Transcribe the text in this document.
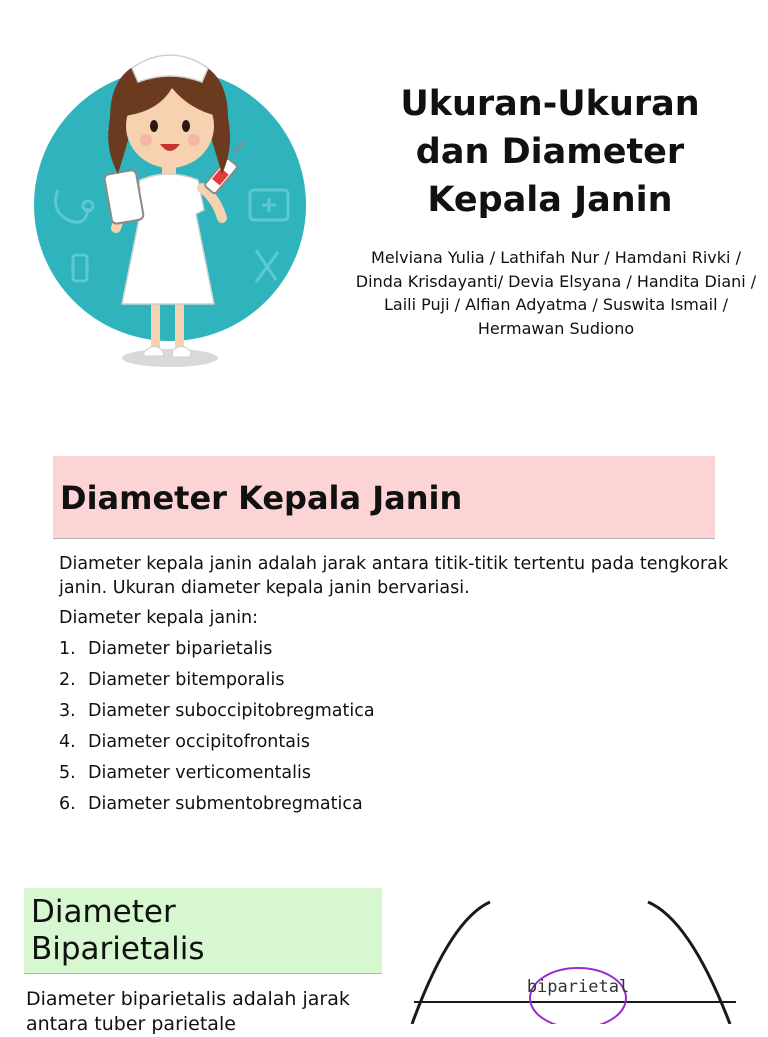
Ukuran-Ukuran
dan Diameter
Kepala Janin

Melviana Yulia / Lathifah Nur / Hamdani Rivki / Dinda Krisdayanti/ Devia Elsyana / Handita Diani / Laili Puji / Alfian Adyatma / Suswita Ismail / Hermawan Sudiono

Diameter Kepala Janin

Diameter kepala janin adalah jarak antara titik-titik tertentu pada tengkorak janin. Ukuran diameter kepala janin bervariasi.

Diameter kepala janin:

1. Diameter biparietalis
2. Diameter bitemporalis
3. Diameter suboccipitobregmatica
4. Diameter occipitofrontais
5. Diameter verticomentalis
6. Diameter submentobregmatica
Diameter
Biparietalis

Diameter biparietalis adalah jarak antara tuber parietale

biparietal
